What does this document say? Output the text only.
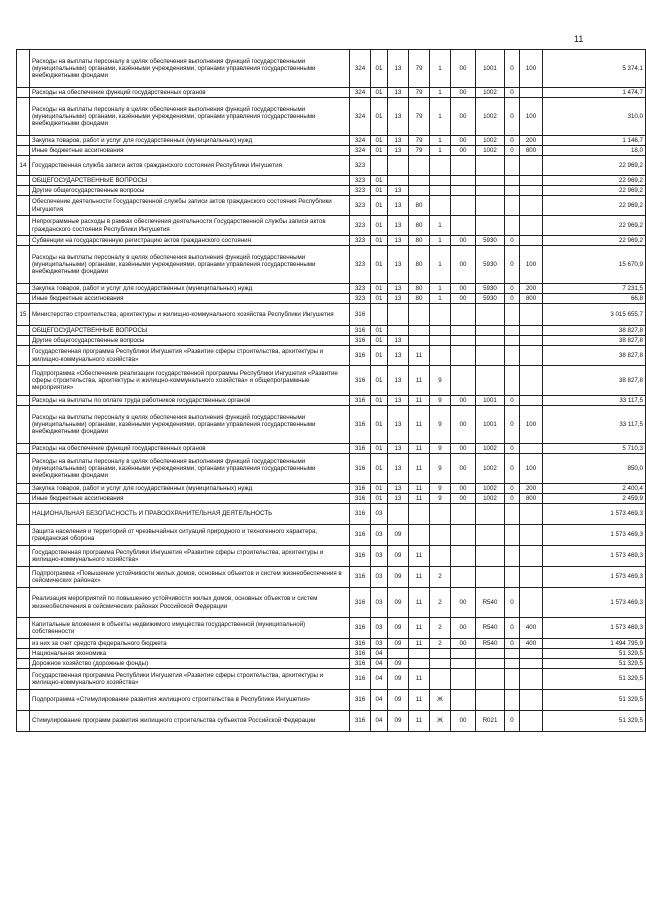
11
	Расходы на выплаты персоналу в целях обеспечения выполнения функций государственными (муниципальными) органами, казёнными учреждениями, органами управления государственными внебюджетными фондами	324	01	13	79	1	00	1001	0	100	5 374,1
	Расходы на обеспечение функций государственных органов	324	01	13	79	1	00	1002	0		1 474,7
	Расходы на выплаты персоналу в целях обеспечения выполнения функций государственными (муниципальными) органами, казёнными учреждениями, органами управления государственными внебюджетными фондами	324	01	13	79	1	00	1002	0	100	310,0
	Закупка товаров, работ и услуг для государственных (муниципальных) нужд	324	01	13	79	1	00	1002	0	200	1 146,7
	Иные бюджетные ассигнования	324	01	13	79	1	00	1002	0	800	18,0
14	Государственная служба записи актов гражданского состояния Республики Ингушетия	323									22 969,2
	ОБЩЕГОСУДАРСТВЕННЫЕ ВОПРОСЫ	323	01								22 969,2
	Другие общегосударственные вопросы	323	01	13							22 969,2
	Обеспечение деятельности Государственной службы записи актов гражданского состояния Республики Ингушетия	323	01	13	80						22 969,2
	Непрограммные расходы в рамках обеспечения деятельности Государственной службы записи актов гражданского состояния Республики Ингушетия	323	01	13	80	1					22 969,2
	Субвенции на государственную регистрацию актов гражданского состояния	323	01	13	80	1	00	5930	0		22 969,2
	Расходы на выплаты персоналу в целях обеспечения выполнения функций государственными (муниципальными) органами, казёнными учреждениями, органами управления государственными внебюджетными фондами	323	01	13	80	1	00	5930	0	100	15 670,9
	Закупка товаров, работ и услуг для государственных (муниципальных) нужд	323	01	13	80	1	00	5930	0	200	7 231,5
	Иные бюджетные ассигнования	323	01	13	80	1	00	5930	0	800	66,8
15	Министерство строительства, архитектуры и жилищно-коммунального хозяйства Республики Ингушетия	316									3 015 655,7
	ОБЩЕГОСУДАРСТВЕННЫЕ ВОПРОСЫ	316	01								38 827,8
	Другие общегосударственные вопросы	316	01	13							38 827,8
	Государственная программа Республики Ингушетия «Развитие сферы строительства, архитектуры и жилищно-коммунального хозяйства»	316	01	13	11						38 827,8
	Подпрограмма «Обеспечение реализации государственной программы Республики Ингушетия «Развитие сферы строительства, архитектуры и жилищно-коммунального хозяйства» и общепрограммные мероприятия»	316	01	13	11	9					38 827,8
	Расходы на выплаты по оплате труда работников государственных органов	316	01	13	11	9	00	1001	0		33 117,5
	Расходы на выплаты персоналу в целях обеспечения выполнения функций государственными (муниципальными) органами, казёнными учреждениями, органами управления государственными внебюджетными фондами	316	01	13	11	9	00	1001	0	100	33 117,5
	Расходы на обеспечение функций государственных органов	316	01	13	11	9	00	1002	0		5 710,3
	Расходы на выплаты персоналу в целях обеспечения выполнения функций государственными (муниципальными) органами, казёнными учреждениями, органами управления государственными внебюджетными фондами	316	01	13	11	9	00	1002	0	100	850,0
	Закупка товаров, работ и услуг для государственных (муниципальных) нужд	316	01	13	11	9	00	1002	0	200	2 400,4
	Иные бюджетные ассигнования	316	01	13	11	9	00	1002	0	800	2 459,9
	НАЦИОНАЛЬНАЯ БЕЗОПАСНОСТЬ И ПРАВООХРАНИТЕЛЬНАЯ ДЕЯТЕЛЬНОСТЬ	316	03								1 573 469,3
	Защита населения и территорий от чрезвычайных ситуаций природного и техногенного характера, гражданская оборона	316	03	09							1 573 469,3
	Государственная программа Республики Ингушетия «Развитие сферы строительства, архитектуры и жилищно-коммунального хозяйства»	316	03	09	11						1 573 469,3
	Подпрограмма «Повышение устойчивости жилых домов, основных объектов и систем жизнеобеспечения в сейсмических районах»	316	03	09	11	2					1 573 469,3
	Реализация мероприятий по повышению устойчивости жилых домов, основных объектов и систем жизнеобеспечения в сейсмических районах Российской Федерации	316	03	09	11	2	00	R540	0		1 573 469,3
	Капитальные вложения в объекты недвижимого имущества государственной (муниципальной) собственности	316	03	09	11	2	00	R540	0	400	1 573 469,3
	из них за счет средств федерального бюджета	316	03	09	11	2	00	R540	0	400	1 494 795,9
	Национальная экономика	316	04								51 329,5
	Дорожное хозяйство (дорожные фонды)	316	04	09							51 329,5
	Государственная программа Республики Ингушетия «Развитие сферы строительства, архитектуры и жилищно-коммунального хозяйства»	316	04	09	11						51 329,5
	Подпрограмма «Стимулирование развития жилищного строительства в Республике Ингушетия»	316	04	09	11	Ж					51 329,5
	Стимулирование программ развития жилищного строительства субъектов Российской Федерации	316	04	09	11	Ж	00	R021	0		51 329,5
